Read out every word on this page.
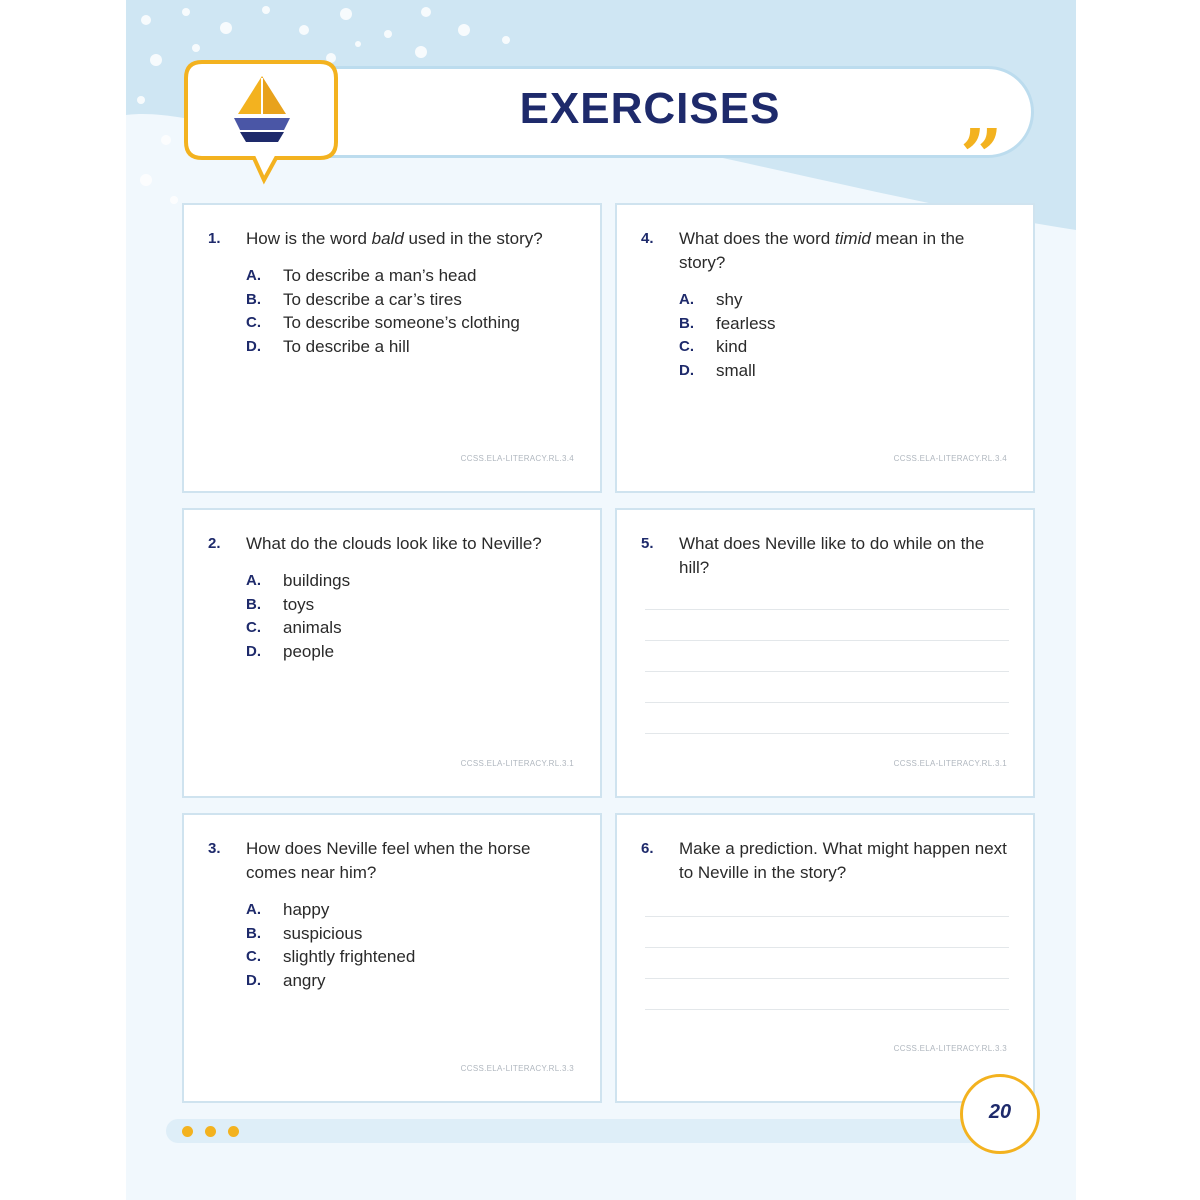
EXERCISES
”
1. How is the word bald used in the story?
A. To describe a man’s head
B. To describe a car’s tires
C. To describe someone’s clothing
D. To describe a hill
CCSS.ELA-LITERACY.RL.3.4
2. What do the clouds look like to Neville?
A. buildings
B. toys
C. animals
D. people
CCSS.ELA-LITERACY.RL.3.1
3. How does Neville feel when the horse comes near him?
A. happy
B. suspicious
C. slightly frightened
D. angry
CCSS.ELA-LITERACY.RL.3.3
4. What does the word timid mean in the story?
A. shy
B. fearless
C. kind
D. small
CCSS.ELA-LITERACY.RL.3.4
5. What does Neville like to do while on the hill?
CCSS.ELA-LITERACY.RL.3.1
6. Make a prediction. What might happen next to Neville in the story?
CCSS.ELA-LITERACY.RL.3.3
20
